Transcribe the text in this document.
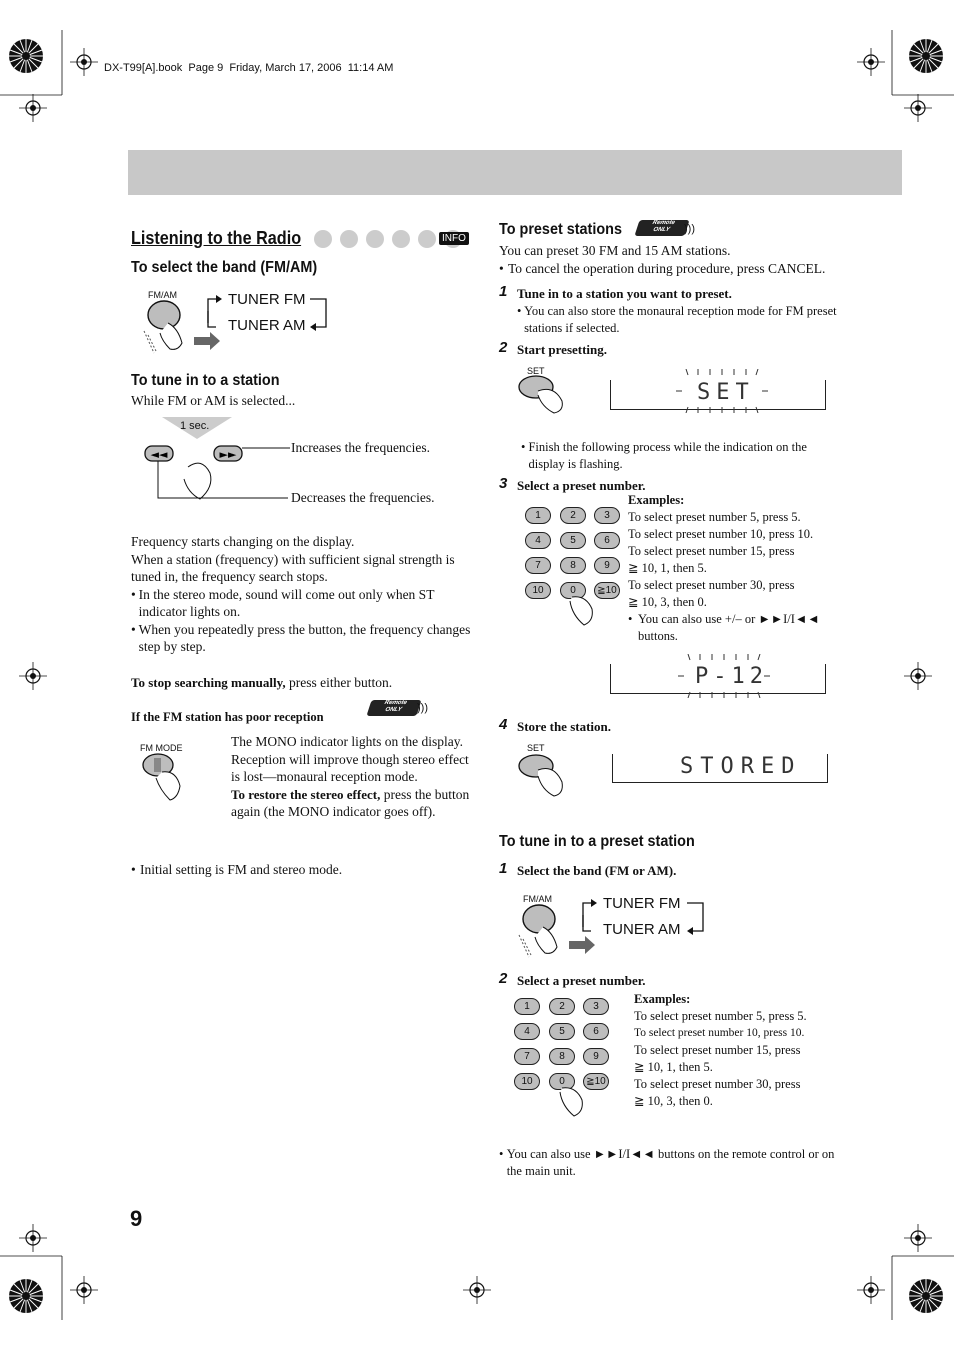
DX-T99[A].book  Page 9  Friday, March 17, 2006  11:14 AM
Listening to the Radio	INFO
To select the band (FM/AM)
FM/AM	TUNER FM
TUNER AM
To tune in to a station
While FM or AM is selected...
◄◄	►►
1 sec.
Increases the frequencies.
Decreases the frequencies.
Frequency starts changing on the display.
When a station (frequency) with sufficient signal strength is tuned in, the frequency search stops.
• In the stereo mode, sound will come out only when ST indicator lights on.
• When you repeatedly press the button, the frequency changes step by step.
To stop searching manually, press either button.
If the FM station has poor reception
Remote
ONLY	)))
FM MODE	The MONO indicator lights on the display. Reception will improve though stereo effect is lost—monaural reception mode.
To restore the stereo effect, press the button again (the MONO indicator goes off).
• Initial setting is FM and stereo mode.
To preset stations	Remote
ONLY	)))
You can preset 30 FM and 15 AM stations.
• To cancel the operation during procedure, press CANCEL.
1 Tune in to a station you want to preset.
• You can also store the monaural reception mode for FM preset stations if selected.
2 Start presetting.
SET
SET
• Finish the following process while the indication on the display is flashing.
3 Select a preset number.
1	2	3
4	5	6
7	8	9
10	0	≧10
Examples:
To select preset number 5, press 5.
To select preset number 10, press 10.
To select preset number 15, press
≧ 10, 1, then 5.
To select preset number 30, press
≧ 10, 3, then 0.
• You can also use +/– or ►►I/I◄◄ buttons.
P-12
4 Store the station.
SET
STORED
To tune in to a preset station
1 Select the band (FM or AM).
FM/AM	TUNER FM
TUNER AM
2 Select a preset number.
1	2	3
4	5	6
7	8	9
10	0	≧10
Examples:
To select preset number 5, press 5.
To select preset number 10, press 10.
To select preset number 15, press
≧ 10, 1, then 5.
To select preset number 30, press
≧ 10, 3, then 0.
• You can also use ►►I/I◄◄ buttons on the remote control or on the main unit.
9
